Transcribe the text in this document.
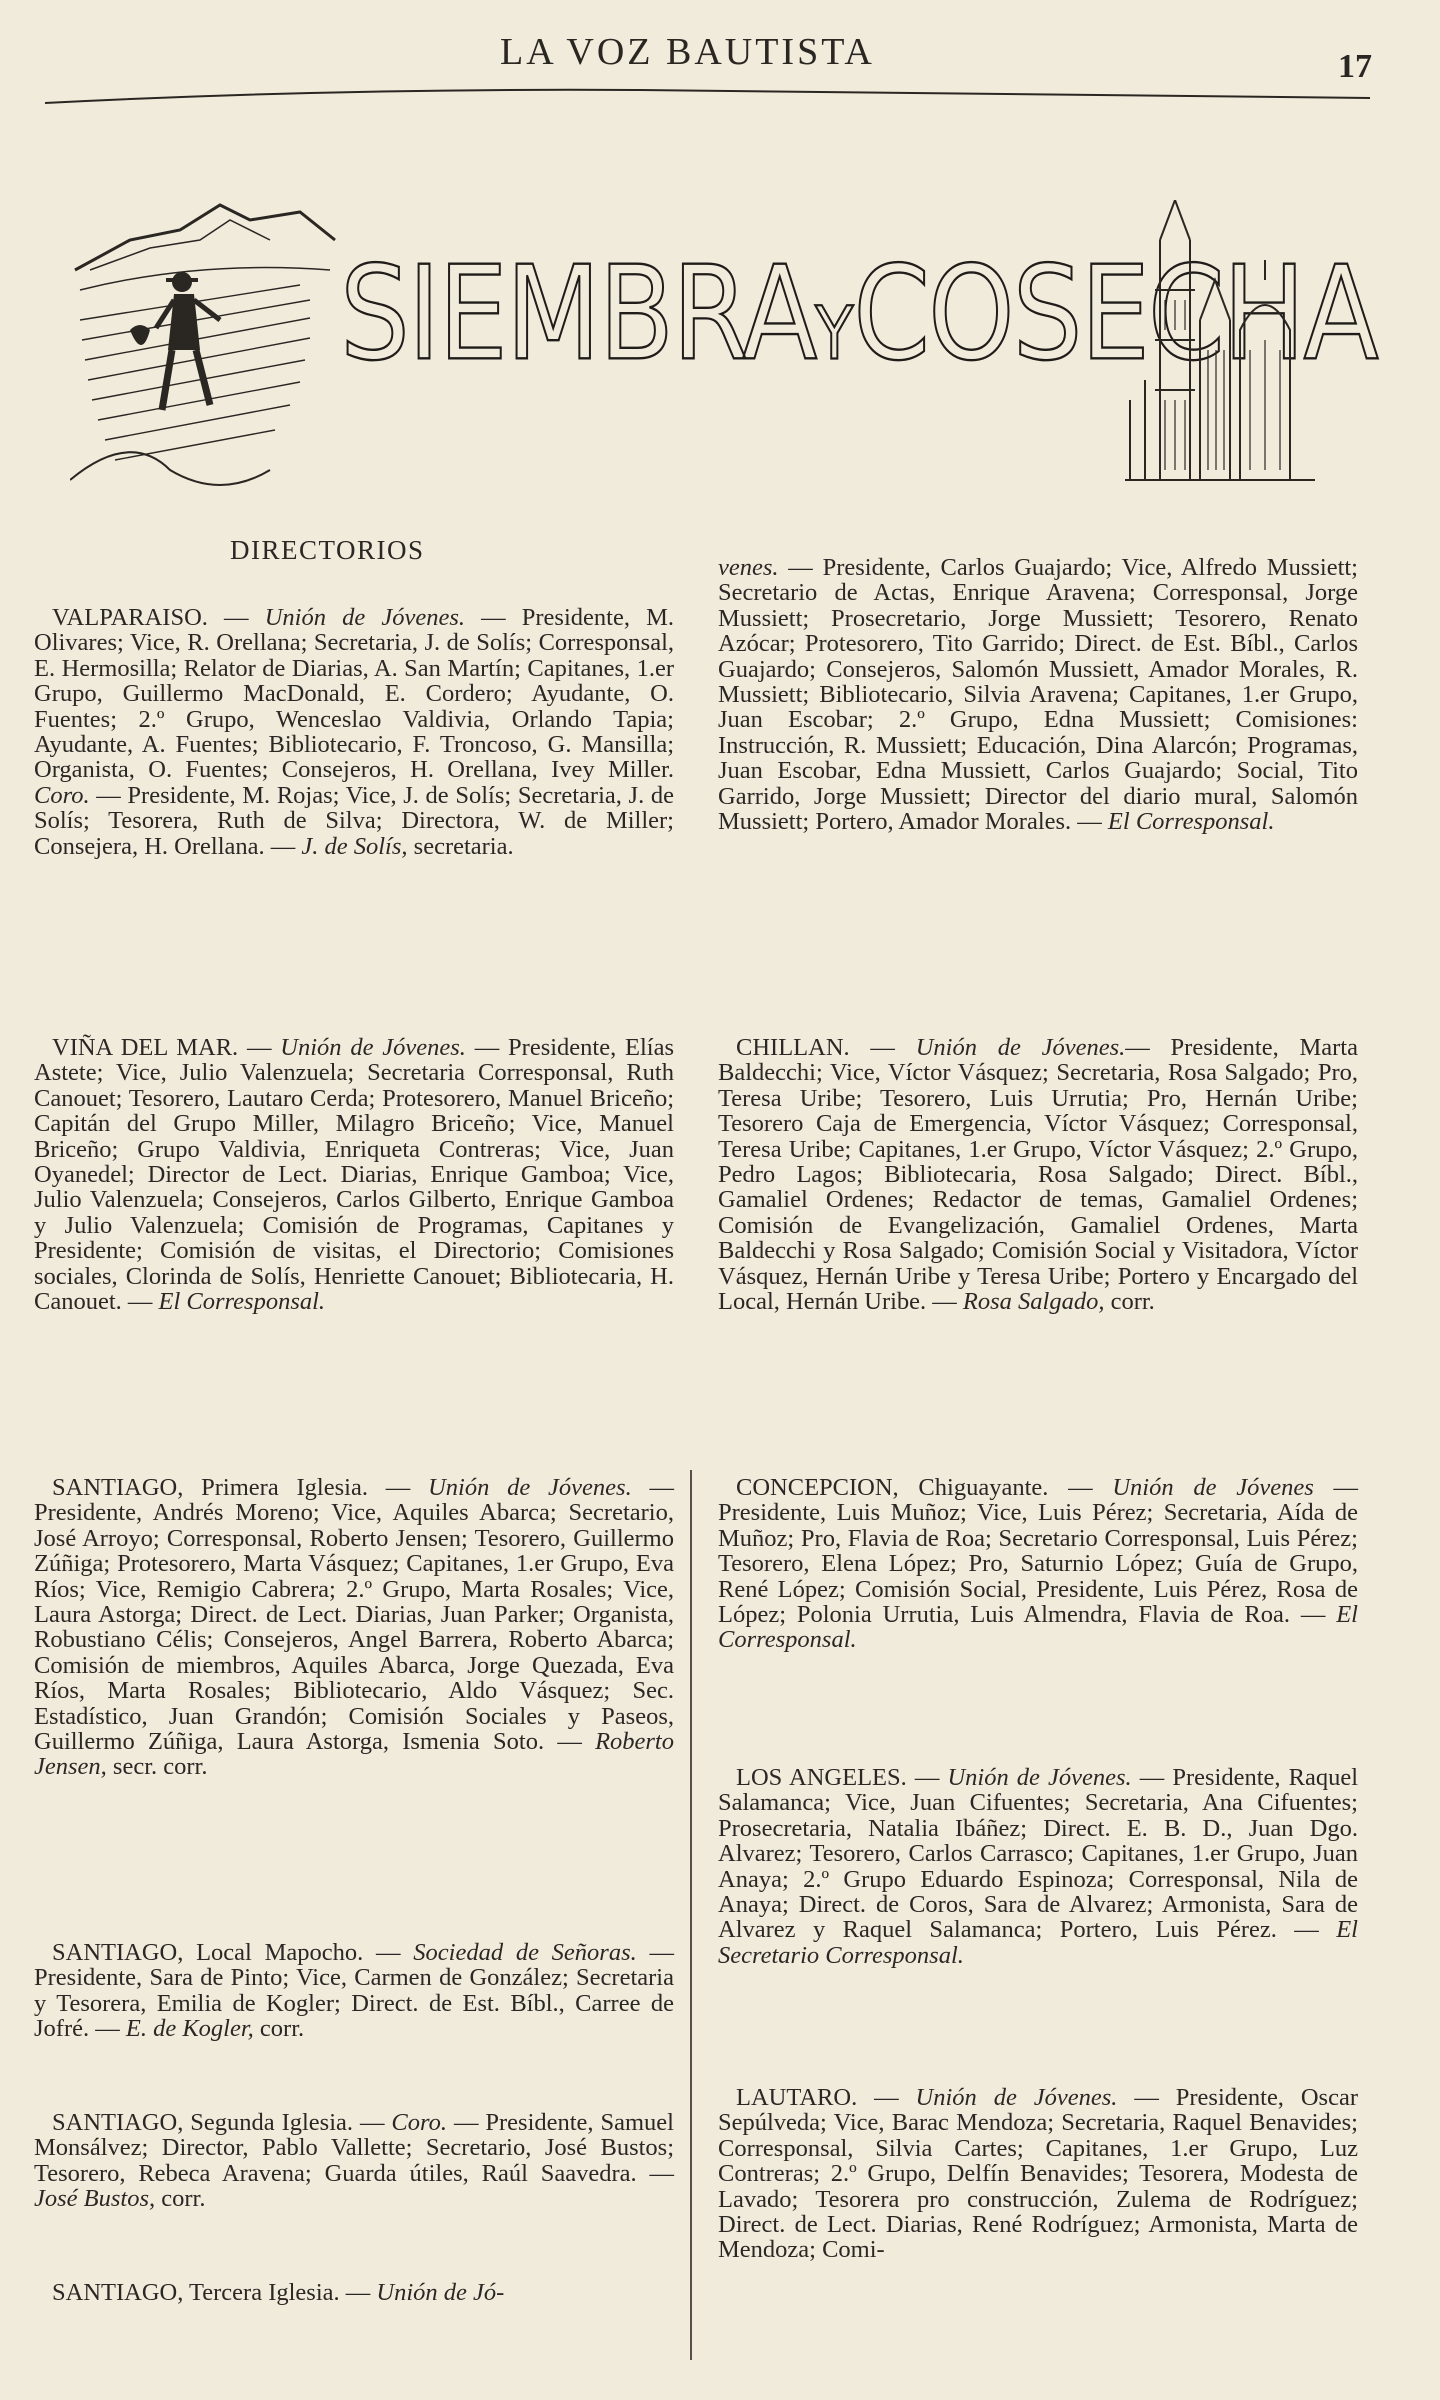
LA VOZ BAUTISTA	17
SIEMBRAYCOSECHA
DIRECTORIOS

VALPARAISO. — Unión de Jóvenes. — Presidente, M. Olivares; Vice, R. Orellana; Secretaria, J. de Solís; Corresponsal, E. Hermosilla; Relator de Diarias, A. San Martín; Capitanes, 1.er Grupo, Guillermo MacDonald, E. Cordero; Ayudante, O. Fuentes; 2.º Grupo, Wenceslao Valdivia, Orlando Tapia; Ayudante, A. Fuentes; Bibliotecario, F. Troncoso, G. Mansilla; Organista, O. Fuentes; Consejeros, H. Orellana, Ivey Miller. Coro. — Presidente, M. Rojas; Vice, J. de Solís; Secretaria, J. de Solís; Tesorera, Ruth de Silva; Directora, W. de Miller; Consejera, H. Orellana. — J. de Solís, secretaria.

VIÑA DEL MAR. — Unión de Jóvenes. — Presidente, Elías Astete; Vice, Julio Valenzuela; Secretaria Corresponsal, Ruth Canouet; Tesorero, Lautaro Cerda; Protesorero, Manuel Briceño; Capitán del Grupo Miller, Milagro Briceño; Vice, Manuel Briceño; Grupo Valdivia, Enriqueta Contreras; Vice, Juan Oyanedel; Director de Lect. Diarias, Enrique Gamboa; Vice, Julio Valenzuela; Consejeros, Carlos Gilberto, Enrique Gamboa y Julio Valenzuela; Comisión de Programas, Capitanes y Presidente; Comisión de visitas, el Directorio; Comisiones sociales, Clorinda de Solís, Henriette Canouet; Bibliotecaria, H. Canouet. — El Corresponsal.

SANTIAGO, Primera Iglesia. — Unión de Jóvenes. — Presidente, Andrés Moreno; Vice, Aquiles Abarca; Secretario, José Arroyo; Corresponsal, Roberto Jensen; Tesorero, Guillermo Zúñiga; Protesorero, Marta Vásquez; Capitanes, 1.er Grupo, Eva Ríos; Vice, Remigio Cabrera; 2.º Grupo, Marta Rosales; Vice, Laura Astorga; Direct. de Lect. Diarias, Juan Parker; Organista, Robustiano Célis; Consejeros, Angel Barrera, Roberto Abarca; Comisión de miembros, Aquiles Abarca, Jorge Quezada, Eva Ríos, Marta Rosales; Bibliotecario, Aldo Vásquez; Sec. Estadístico, Juan Grandón; Comisión Sociales y Paseos, Guillermo Zúñiga, Laura Astorga, Ismenia Soto. — Roberto Jensen, secr. corr.

SANTIAGO, Local Mapocho. — Sociedad de Señoras. — Presidente, Sara de Pinto; Vice, Carmen de González; Secretaria y Tesorera, Emilia de Kogler; Direct. de Est. Bíbl., Carree de Jofré. — E. de Kogler, corr.

SANTIAGO, Segunda Iglesia. — Coro. — Presidente, Samuel Monsálvez; Director, Pablo Vallette; Secretario, José Bustos; Tesorero, Rebeca Aravena; Guarda útiles, Raúl Saavedra. — José Bustos, corr.

SANTIAGO, Tercera Iglesia. — Unión de Jó-

venes. — Presidente, Carlos Guajardo; Vice, Alfredo Mussiett; Secretario de Actas, Enrique Aravena; Corresponsal, Jorge Mussiett; Prosecretario, Jorge Mussiett; Tesorero, Renato Azócar; Protesorero, Tito Garrido; Direct. de Est. Bíbl., Carlos Guajardo; Consejeros, Salomón Mussiett, Amador Morales, R. Mussiett; Bibliotecario, Silvia Aravena; Capitanes, 1.er Grupo, Juan Escobar; 2.º Grupo, Edna Mussiett; Comisiones: Instrucción, R. Mussiett; Educación, Dina Alarcón; Programas, Juan Escobar, Edna Mussiett, Carlos Guajardo; Social, Tito Garrido, Jorge Mussiett; Director del diario mural, Salomón Mussiett; Portero, Amador Morales. — El Corresponsal.

CHILLAN. — Unión de Jóvenes.— Presidente, Marta Baldecchi; Vice, Víctor Vásquez; Secretaria, Rosa Salgado; Pro, Teresa Uribe; Tesorero, Luis Urrutia; Pro, Hernán Uribe; Tesorero Caja de Emergencia, Víctor Vásquez; Corresponsal, Teresa Uribe; Capitanes, 1.er Grupo, Víctor Vásquez; 2.º Grupo, Pedro Lagos; Bibliotecaria, Rosa Salgado; Direct. Bíbl., Gamaliel Ordenes; Redactor de temas, Gamaliel Ordenes; Comisión de Evangelización, Gamaliel Ordenes, Marta Baldecchi y Rosa Salgado; Comisión Social y Visitadora, Víctor Vásquez, Hernán Uribe y Teresa Uribe; Portero y Encargado del Local, Hernán Uribe. — Rosa Salgado, corr.

CONCEPCION, Chiguayante. — Unión de Jóvenes — Presidente, Luis Muñoz; Vice, Luis Pérez; Secretaria, Aída de Muñoz; Pro, Flavia de Roa; Secretario Corresponsal, Luis Pérez; Tesorero, Elena López; Pro, Saturnio López; Guía de Grupo, René López; Comisión Social, Presidente, Luis Pérez, Rosa de López; Polonia Urrutia, Luis Almendra, Flavia de Roa. — El Corresponsal.

LOS ANGELES. — Unión de Jóvenes. — Presidente, Raquel Salamanca; Vice, Juan Cifuentes; Secretaria, Ana Cifuentes; Prosecretaria, Natalia Ibáñez; Direct. E. B. D., Juan Dgo. Alvarez; Tesorero, Carlos Carrasco; Capitanes, 1.er Grupo, Juan Anaya; 2.º Grupo Eduardo Espinoza; Corresponsal, Nila de Anaya; Direct. de Coros, Sara de Alvarez; Armonista, Sara de Alvarez y Raquel Salamanca; Portero, Luis Pérez. — El Secretario Corresponsal.

LAUTARO. — Unión de Jóvenes. — Presidente, Oscar Sepúlveda; Vice, Barac Mendoza; Secretaria, Raquel Benavides; Corresponsal, Silvia Cartes; Capitanes, 1.er Grupo, Luz Contreras; 2.º Grupo, Delfín Benavides; Tesorera, Modesta de Lavado; Tesorera pro construcción, Zulema de Rodríguez; Direct. de Lect. Diarias, René Rodríguez; Armonista, Marta de Mendoza; Comi-
